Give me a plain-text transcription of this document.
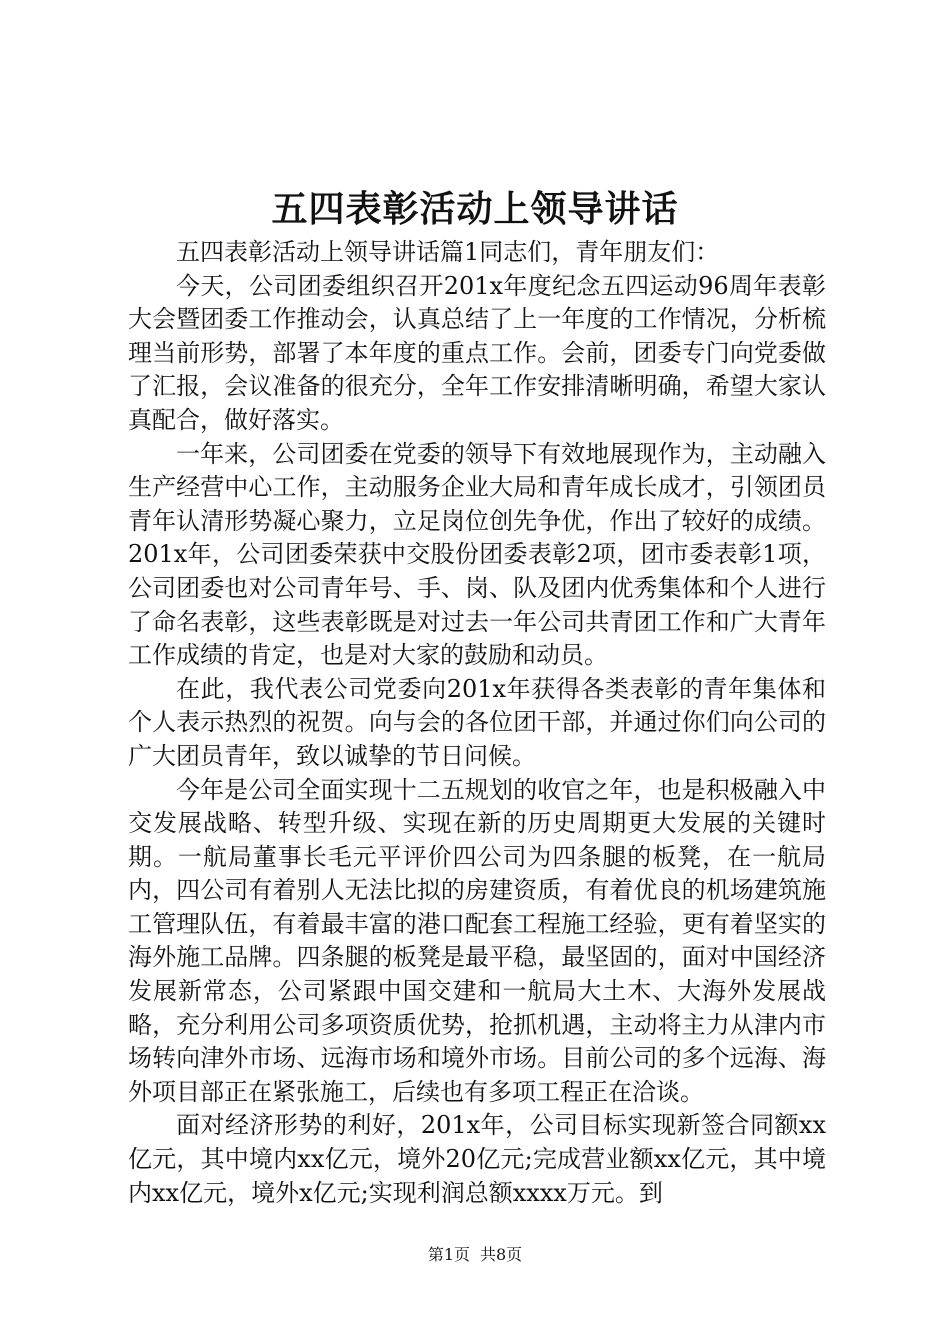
五四表彰活动上领导讲话

五四表彰活动上领导讲话篇1同志们，青年朋友们：

今天，公司团委组织召开201x年度纪念五四运动96周年表彰大会暨团委工作推动会，认真总结了上一年度的工作情况，分析梳理当前形势，部署了本年度的重点工作。会前，团委专门向党委做了汇报，会议准备的很充分，全年工作安排清晰明确，希望大家认真配合，做好落实。

一年来，公司团委在党委的领导下有效地展现作为，主动融入生产经营中心工作，主动服务企业大局和青年成长成才，引领团员青年认清形势凝心聚力，立足岗位创先争优，作出了较好的成绩。201x年，公司团委荣获中交股份团委表彰2项，团市委表彰1项，公司团委也对公司青年号、手、岗、队及团内优秀集体和个人进行了命名表彰，这些表彰既是对过去一年公司共青团工作和广大青年工作成绩的肯定，也是对大家的鼓励和动员。

在此，我代表公司党委向201x年获得各类表彰的青年集体和个人表示热烈的祝贺。向与会的各位团干部，并通过你们向公司的广大团员青年，致以诚挚的节日问候。

今年是公司全面实现十二五规划的收官之年，也是积极融入中交发展战略、转型升级、实现在新的历史周期更大发展的关键时期。一航局董事长毛元平评价四公司为四条腿的板凳，在一航局内，四公司有着别人无法比拟的房建资质，有着优良的机场建筑施工管理队伍，有着最丰富的港口配套工程施工经验，更有着坚实的海外施工品牌。四条腿的板凳是最平稳，最坚固的，面对中国经济发展新常态，公司紧跟中国交建和一航局大土木、大海外发展战略，充分利用公司多项资质优势，抢抓机遇，主动将主力从津内市场转向津外市场、远海市场和境外市场。目前公司的多个远海、海外项目部正在紧张施工，后续也有多项工程正在洽谈。

面对经济形势的利好，201x年，公司目标实现新签合同额xx亿元，其中境内xx亿元，境外20亿元;完成营业额xx亿元，其中境内xx亿元，境外x亿元;实现利润总额xxxx万元。到

第1页 共8页
